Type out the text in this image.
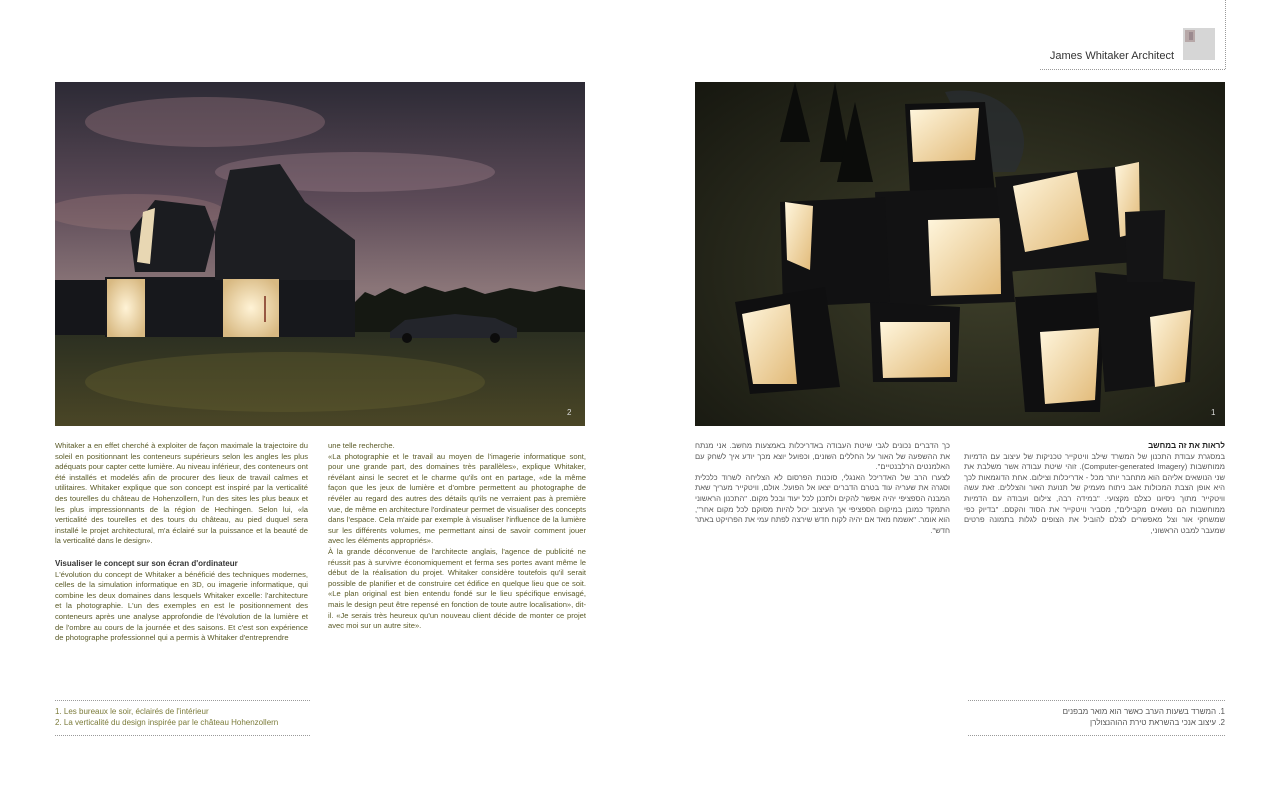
James Whitaker Architect
2	1

Whitaker a en effet cherché à exploiter de façon maximale la trajectoire du soleil en positionnant les conteneurs supérieurs selon les angles les plus adéquats pour capter cette lumière. Au niveau inférieur, des conteneurs ont été installés et modelés afin de procurer des lieux de travail calmes et utilitaires. Whitaker explique que son concept est inspiré par la verticalité des tourelles du château de Hohenzollern, l'un des sites les plus beaux et les plus impressionnants de la région de Hechingen. Selon lui, «la verticalité des tourelles et des tours du château, au pied duquel sera installé le projet architectural, m'a éclairé sur la puissance et la beauté de la verticalité dans le design».

Visualiser le concept sur son écran d'ordinateur

L'évolution du concept de Whitaker a bénéficié des techniques modernes, celles de la simulation informatique en 3D, ou imagerie informatique, qui combine les deux domaines dans lesquels Whitaker excelle: l'architecture et la photographie. L'un des exemples en est le positionnement des conteneurs après une analyse approfondie de l'évolution de la lumière et de l'ombre au cours de la journée et des saisons. Et c'est son expérience de photographe professionnel qui a permis à Whitaker d'entreprendre

une telle recherche.

«La photographie et le travail au moyen de l'imagerie informatique sont, pour une grande part, des domaines très parallèles», explique Whitaker, révélant ainsi le secret et le charme qu'ils ont en partage, «de la même façon que les jeux de lumière et d'ombre permettent au photographe de révéler au regard des autres des détails qu'ils ne verraient pas à première vue, de même en architecture l'ordinateur permet de visualiser des concepts dans l'espace. Cela m'aide par exemple à visualiser l'influence de la lumière sur les différents volumes, me permettant ainsi de savoir comment jouer avec les éléments appropriés».

À la grande déconvenue de l'architecte anglais, l'agence de publicité ne réussit pas à survivre économiquement et ferma ses portes avant même le début de la réalisation du projet. Whitaker considère toutefois qu'il serait possible de planifier et de construire cet édifice en quelque lieu que ce soit. «Le plan original est bien entendu fondé sur le lieu spécifique envisagé, mais le design peut être repensé en fonction de toute autre localisation», dit-il. «Je serais très heureux qu'un nouveau client décide de monter ce projet avec moi sur un autre site».

לראות את זה במחשב

במסגרת עבודת התכנון של המשרד שילב וויטקייר טכניקות של עיצוב עם הדמיות ממוחשבות (Computer-generated Imagery). זוהי שיטת עבודה אשר משלבת את שני הנושאים אליהם הוא מתחבר יותר מכל - אדריכלות וצילום. אחת הדוגמאות לכך היא אופן הצבת המכולות אגב ניתוח מעמיק של תנועת האור והצללים. זאת עשה וויטקייר מתוך ניסיונו כצלם מקצועי. "במידה רבה, צילום ועבודה עם הדמיות ממוחשבות הם נושאים מקבילים", מסביר וויטקייר את הסוד והקסם. "בדיוק כפי שמשחקי אור וצל מאפשרים לצלם להוביל את הצופים לגלות בתמונה פרטים שמעבר למבט הראשוני,

כך הדברים נכונים לגבי שיטת העבודה באדריכלות באמצעות מחשב. אני מנתח את ההשפעה של האור על החללים השונים, וכפועל יוצא מכך יודע איך לשחק עם האלמנטים הרלבנטיים".

לצערו הרב של האדריכל האנגלי, סוכנות הפרסום לא הצליחה לשרוד כלכלית וסגרה את שעריה עוד בטרם הדברים יצאו אל הפועל. אולם, וויטקייר מעריך שאת המבנה הספציפי יהיה אפשר להקים ולתכנן לכל יעוד ובכל מקום. "התכנון הראשוני התמקד כמובן במיקום הספציפי אך העיצוב יכול להיות מסוקם לכל מקום אחר", הוא אומר. "אשמח מאד אם יהיה לקוח חדש שירצה לפתח עמי את הפרויקט באתר חדש".

1. Les bureaux le soir, éclairés de l'intérieur
2. La verticalité du design inspirée par le château Hohenzollern
1. המשרד בשעות הערב כאשר הוא מואר מבפנים
2. עיצוב אנכי בהשראת טירת ההוהנצולרן
